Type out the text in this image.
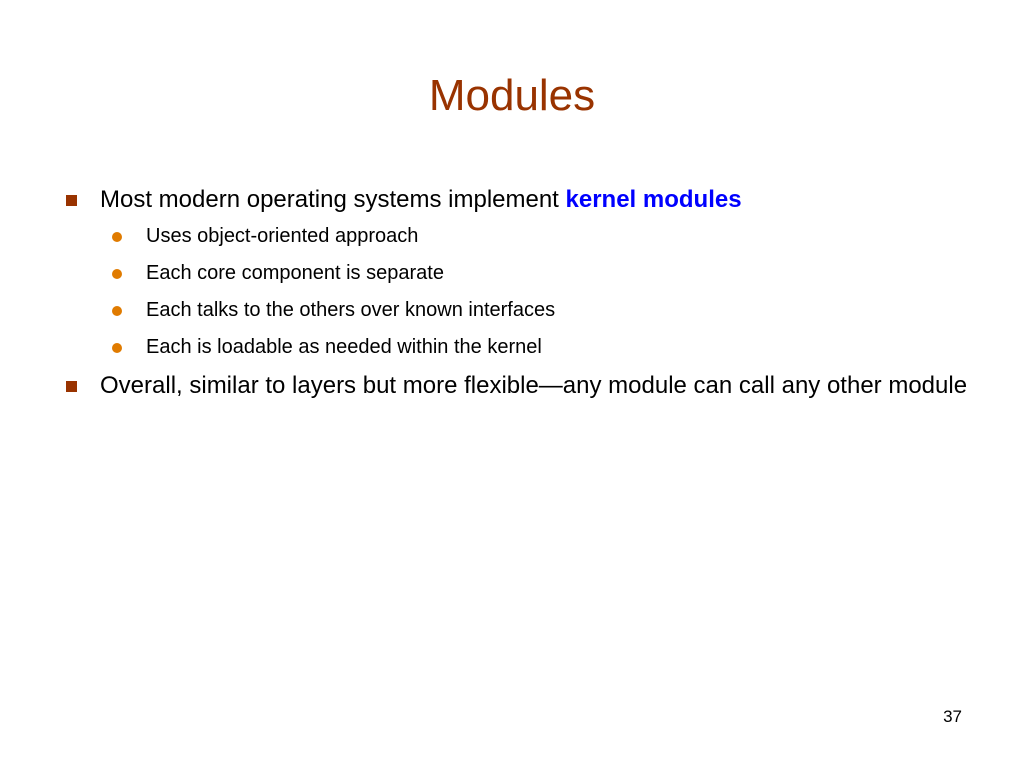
Modules
Most modern operating systems implement kernel modules
Uses object-oriented approach
Each core component is separate
Each talks to the others over known interfaces
Each is loadable as needed within the kernel
Overall, similar to layers but more flexible—any module can call any other module
37
